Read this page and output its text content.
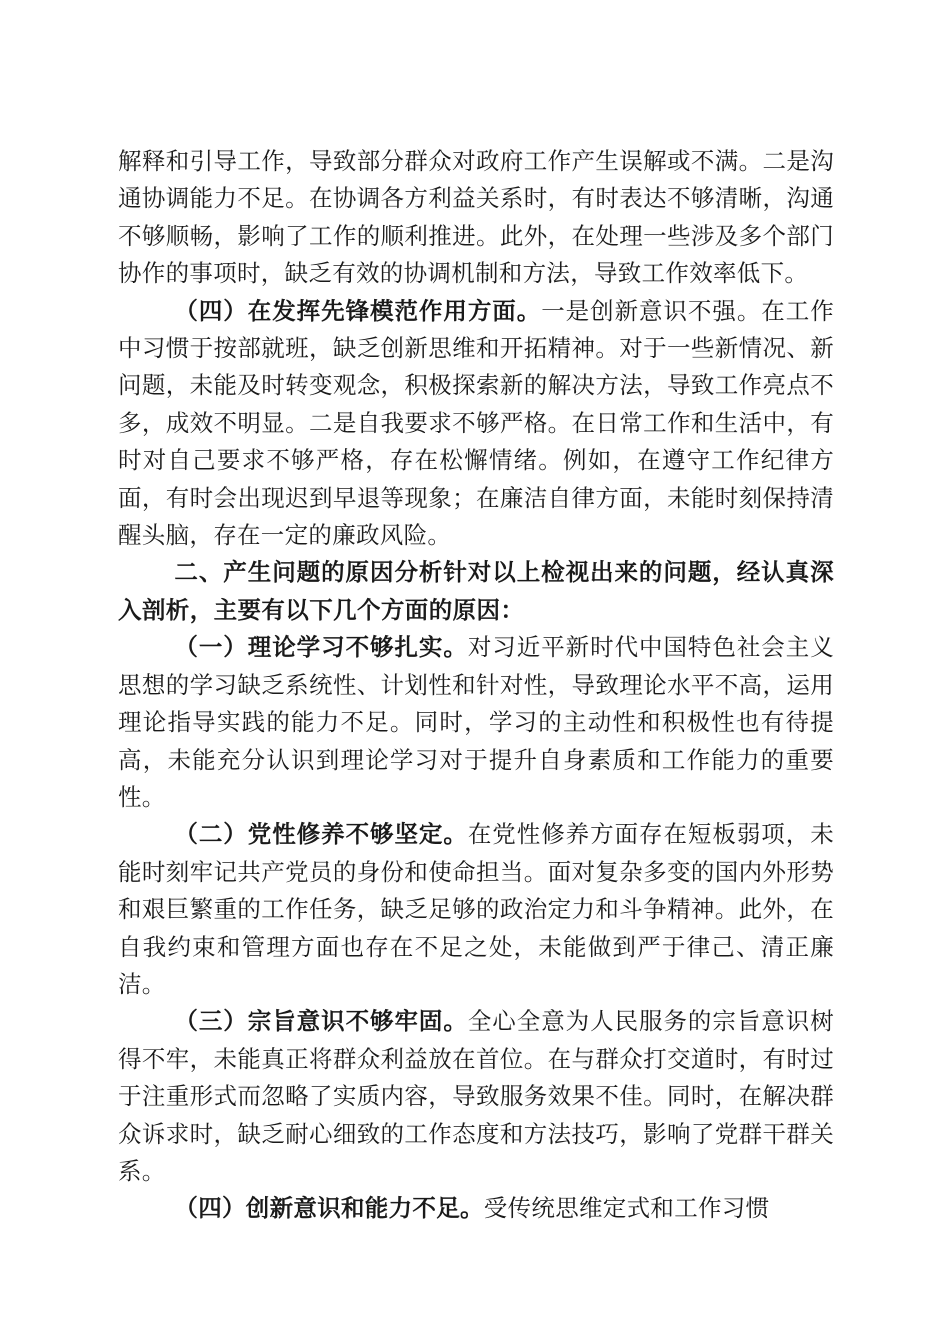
解释和引导工作，导致部分群众对政府工作产生误解或不满。二是沟通协调能力不足。在协调各方利益关系时，有时表达不够清晰，沟通不够顺畅，影响了工作的顺利推进。此外，在处理一些涉及多个部门协作的事项时，缺乏有效的协调机制和方法，导致工作效率低下。

（四）在发挥先锋模范作用方面。一是创新意识不强。在工作中习惯于按部就班，缺乏创新思维和开拓精神。对于一些新情况、新问题，未能及时转变观念，积极探索新的解决方法，导致工作亮点不多，成效不明显。二是自我要求不够严格。在日常工作和生活中，有时对自己要求不够严格，存在松懈情绪。例如，在遵守工作纪律方面，有时会出现迟到早退等现象；在廉洁自律方面，未能时刻保持清醒头脑，存在一定的廉政风险。

二、产生问题的原因分析针对以上检视出来的问题，经认真深入剖析，主要有以下几个方面的原因：

（一）理论学习不够扎实。对习近平新时代中国特色社会主义思想的学习缺乏系统性、计划性和针对性，导致理论水平不高，运用理论指导实践的能力不足。同时，学习的主动性和积极性也有待提高，未能充分认识到理论学习对于提升自身素质和工作能力的重要性。

（二）党性修养不够坚定。在党性修养方面存在短板弱项，未能时刻牢记共产党员的身份和使命担当。面对复杂多变的国内外形势和艰巨繁重的工作任务，缺乏足够的政治定力和斗争精神。此外，在自我约束和管理方面也存在不足之处，未能做到严于律己、清正廉洁。

（三）宗旨意识不够牢固。全心全意为人民服务的宗旨意识树得不牢，未能真正将群众利益放在首位。在与群众打交道时，有时过于注重形式而忽略了实质内容，导致服务效果不佳。同时，在解决群众诉求时，缺乏耐心细致的工作态度和方法技巧，影响了党群干群关系。

（四）创新意识和能力不足。受传统思维定式和工作习惯
